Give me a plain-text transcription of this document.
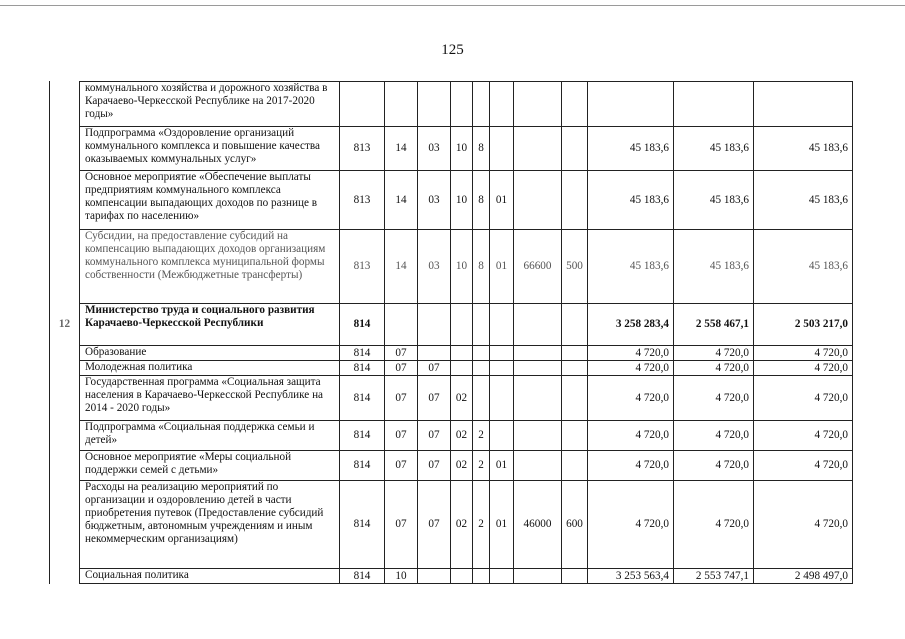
125
	коммунального хозяйства и дорожного хозяйства в Карачаево-Черкесской Республике на 2017-2020 годы»											
	Подпрограмма «Оздоровление организаций коммунального комплекса и повышение качества оказываемых коммунальных услуг»	813	14	03	10	8				45 183,6	45 183,6	45 183,6
	Основное мероприятие «Обеспечение выплаты предприятиям коммунального комплекса компенсации выпадающих доходов по разнице в тарифах по населению»	813	14	03	10	8	01			45 183,6	45 183,6	45 183,6
	Субсидии, на предоставление субсидий на компенсацию выпадающих доходов организациям коммунального комплекса муниципальной формы собственности (Межбюджетные трансферты)	813	14	03	10	8	01	66600	500	45 183,6	45 183,6	45 183,6
12	Министерство труда и социального развития Карачаево-Черкесской Республики	814								3 258 283,4	2 558 467,1	2 503 217,0
	Образование	814	07							4 720,0	4 720,0	4 720,0
	Молодежная политика	814	07	07						4 720,0	4 720,0	4 720,0
	Государственная программа «Социальная защита населения в Карачаево-Черкесской Республике на 2014 - 2020 годы»	814	07	07	02					4 720,0	4 720,0	4 720,0
	Подпрограмма «Социальная поддержка семьи и детей»	814	07	07	02	2				4 720,0	4 720,0	4 720,0
	Основное мероприятие «Меры социальной поддержки семей с детьми»	814	07	07	02	2	01			4 720,0	4 720,0	4 720,0
	Расходы на реализацию мероприятий по организации и оздоровлению детей в части приобретения путевок (Предоставление субсидий бюджетным, автономным учреждениям и иным некоммерческим организациям)	814	07	07	02	2	01	46000	600	4 720,0	4 720,0	4 720,0
	Социальная политика	814	10							3 253 563,4	2 553 747,1	2 498 497,0
